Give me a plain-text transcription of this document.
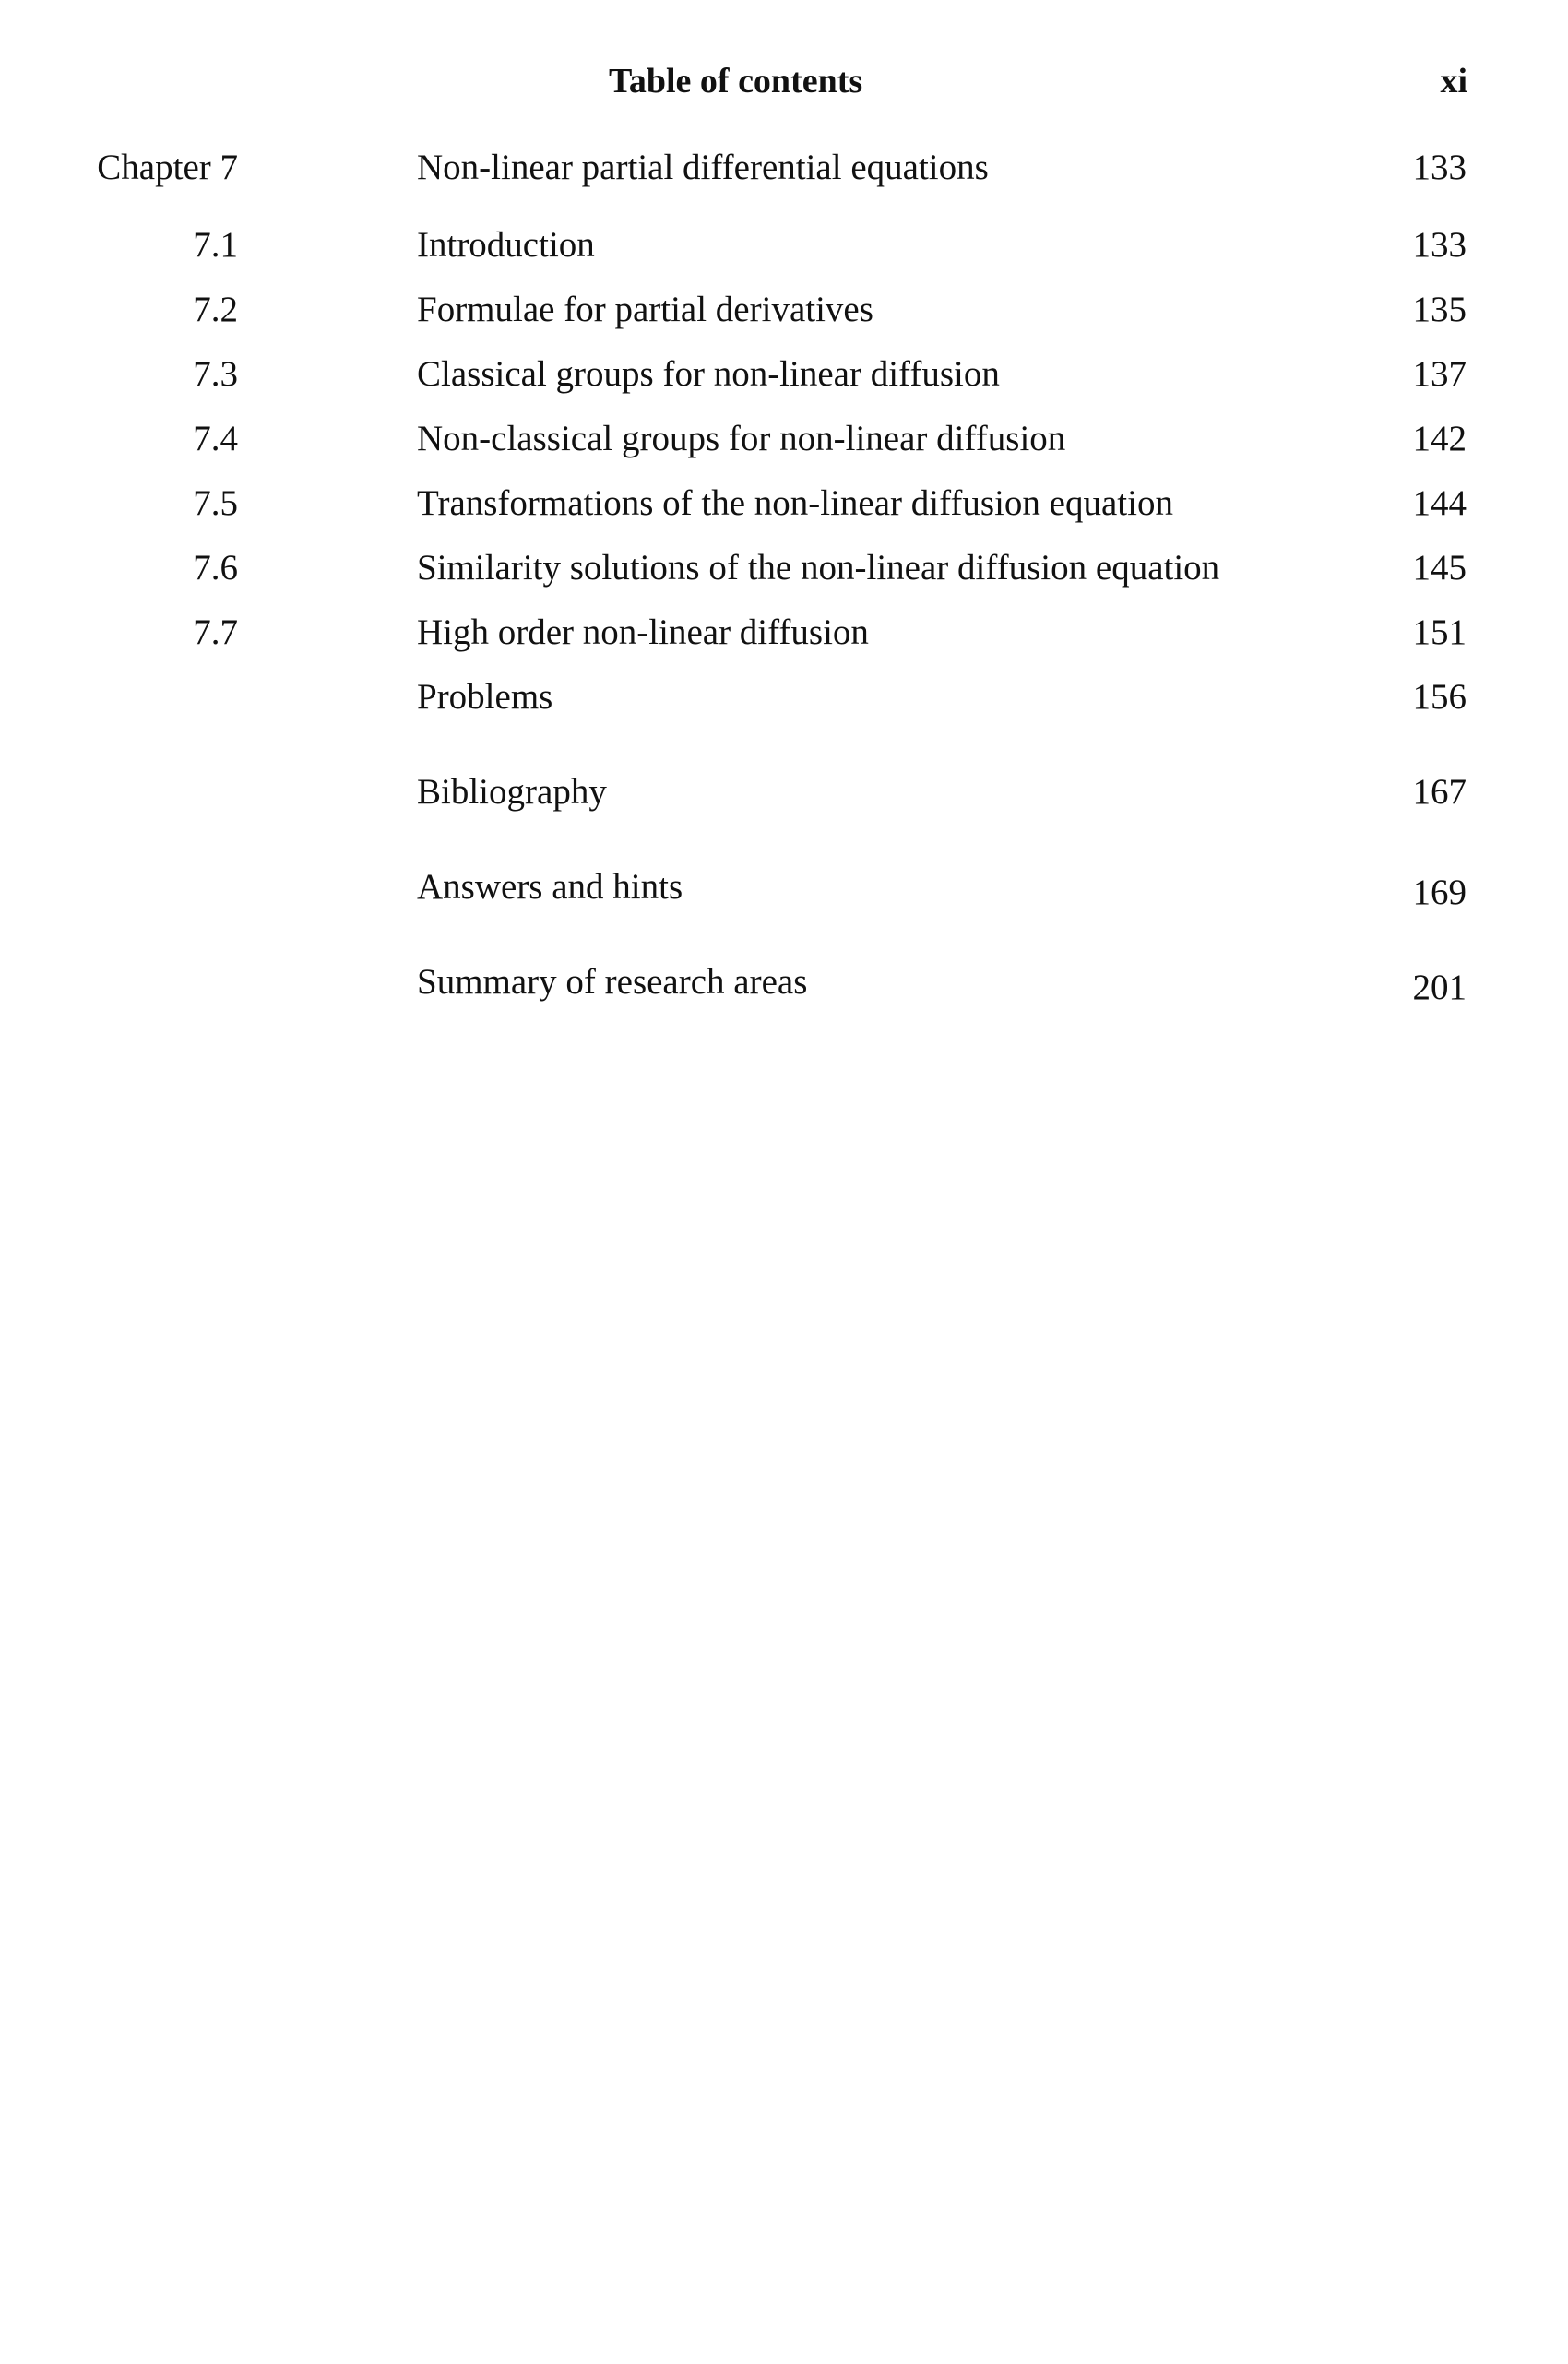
Table of contents	xi
Chapter 7	Non-linear partial differential equations	133
7.1	Introduction	133
7.2	Formulae for partial derivatives	135
7.3	Classical groups for non-linear diffusion	137
7.4	Non-classical groups for non-linear diffusion	142
7.5	Transformations of the non-linear diffusion equation	144
7.6	Similarity solutions of the non-linear diffusion equation	145
7.7	High order non-linear diffusion	151
Problems	156
Bibliography	167
Answers and hints	169
Summary of research areas	201
